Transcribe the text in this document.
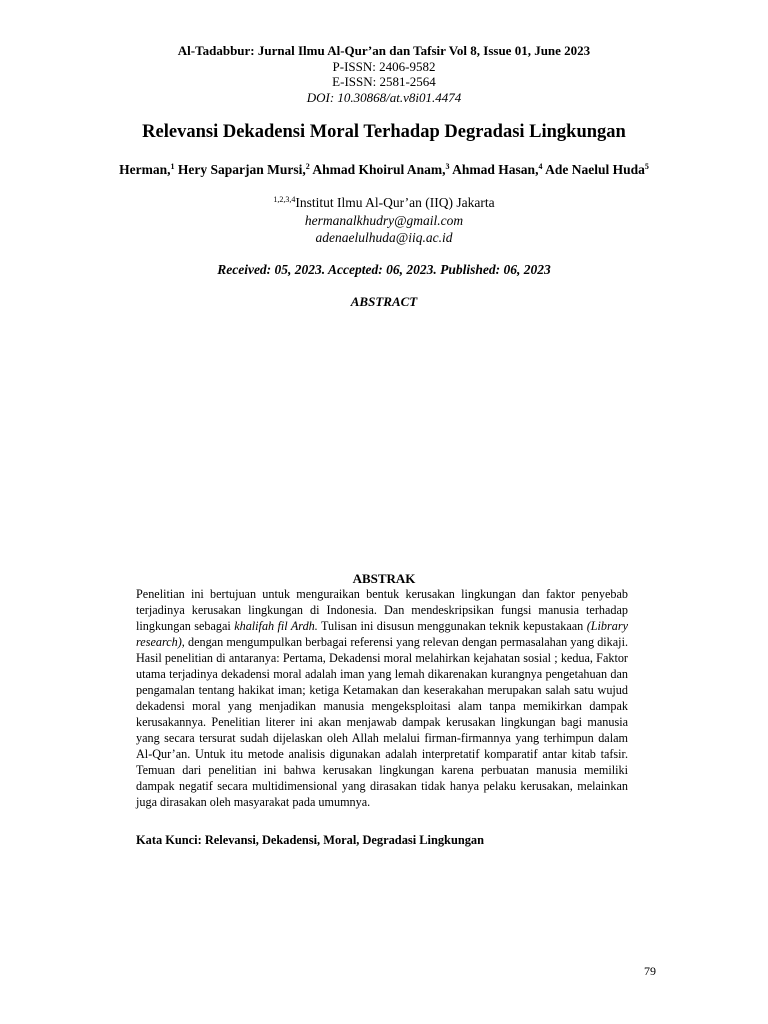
Al-Tadabbur: Jurnal Ilmu Al-Qur’an dan Tafsir Vol 8, Issue 01, June 2023
P-ISSN: 2406-9582
E-ISSN: 2581-2564
DOI: 10.30868/at.v8i01.4474
Relevansi Dekadensi Moral Terhadap Degradasi Lingkungan
Herman,$^1$ Hery Saparjan Mursi,$^2$ Ahmad Khoirul Anam,$^3$ Ahmad Hasan,$^4$ Ade Naelul Huda$^5$
$^{1,2,3,4}$Institut Ilmu Al-Qur’an (IIQ) Jakarta
hermanalkhudry@gmail.com
adenaelulhuda@iiq.ac.id
Received: 05, 2023. Accepted: 06, 2023. Published: 06, 2023
ABSTRACT
ABSTRAK
Penelitian ini bertujuan untuk menguraikan bentuk kerusakan lingkungan dan faktor penyebab terjadinya kerusakan lingkungan di Indonesia. Dan mendeskripsikan fungsi manusia terhadap lingkungan sebagai khalifah fil Ardh. Tulisan ini disusun menggunakan teknik kepustakaan (Library research), dengan mengumpulkan berbagai referensi yang relevan dengan permasalahan yang dikaji. Hasil penelitian di antaranya: Pertama, Dekadensi moral melahirkan kejahatan sosial ; kedua, Faktor utama terjadinya dekadensi moral adalah iman yang lemah dikarenakan kurangnya pengetahuan dan pengamalan tentang hakikat iman; ketiga Ketamakan dan keserakahan merupakan salah satu wujud dekadensi moral yang menjadikan manusia mengeksploitasi alam tanpa memikirkan dampak kerusakannya. Penelitian literer ini akan menjawab dampak kerusakan lingkungan bagi manusia yang secara tersurat sudah dijelaskan oleh Allah melalui firman-firmannya yang terhimpun dalam Al-Qur’an. Untuk itu metode analisis digunakan adalah interpretatif komparatif antar kitab tafsir. Temuan dari penelitian ini bahwa kerusakan lingkungan karena perbuatan manusia memiliki dampak negatif secara multidimensional yang dirasakan tidak hanya pelaku kerusakan, melainkan juga dirasakan oleh masyarakat pada umumnya.
Kata Kunci: Relevansi, Dekadensi, Moral, Degradasi Lingkungan
79
